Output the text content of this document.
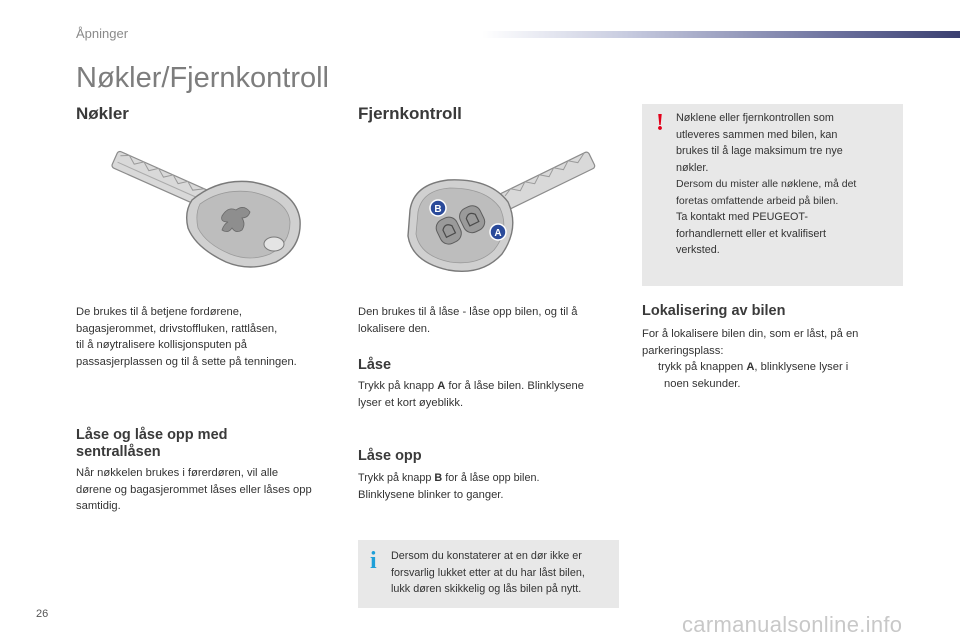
Åpninger
Nøkler/Fjernkontroll
Nøkler

De brukes til å betjene fordørene,

bagasjerommet, drivstoffluken, rattlåsen,

til å nøytralisere kollisjonsputen på

passasjerplassen og til å sette på tenningen.

Låse og låse opp med

sentrallåsen

Når nøkkelen brukes i førerdøren, vil alle

dørene og bagasjerommet låses eller låses opp

samtidig.

Fjernkontroll
B
A

Den brukes til å låse - låse opp bilen, og til å

lokalisere den.

Låse

Trykk på knapp A for å låse bilen. Blinklysene

lyser et kort øyeblikk.

Låse opp

Trykk på knapp B for å låse opp bilen.

Blinklysene blinker to ganger.

i Dersom du konstaterer at en dør ikke er

forsvarlig lukket etter at du har låst bilen,

lukk døren skikkelig og lås bilen på nytt.

! Nøklene eller fjernkontrollen som

utleveres sammen med bilen, kan

brukes til å lage maksimum tre nye

nøkler.

Dersom du mister alle nøklene, må det

foretas omfattende arbeid på bilen.

Ta kontakt med PEUGEOT-

forhandlernett eller et kvalifisert

verksted.

Lokalisering av bilen

For å lokalisere bilen din, som er låst, på en

parkeringsplass:

trykk på knappen A, blinklysene lyser i

noen sekunder.

26	carmanualsonline.info
